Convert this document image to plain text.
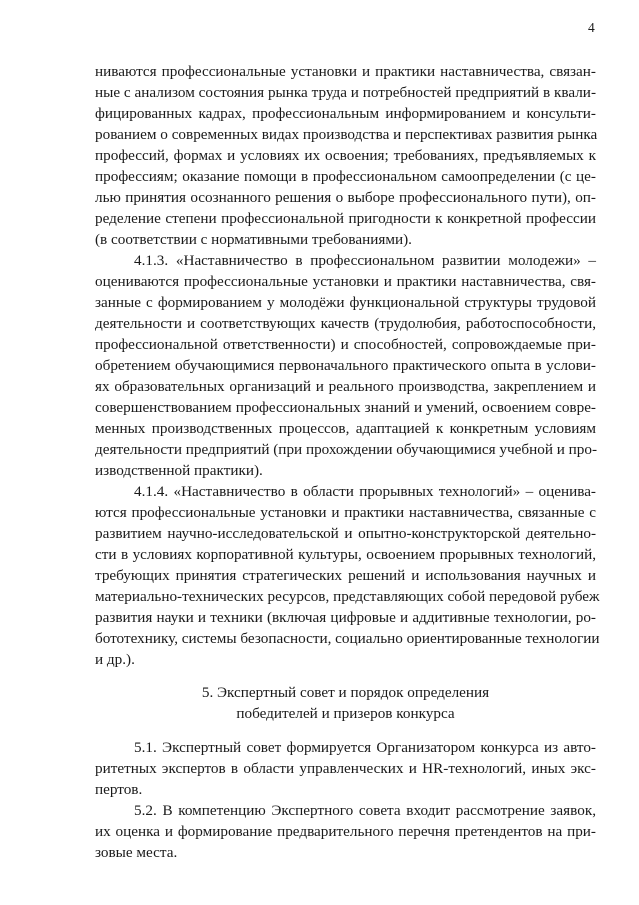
4
ниваются профессиональные установки и практики наставничества, связан-
ные с анализом состояния рынка труда и потребностей предприятий в квали-
фицированных кадрах, профессиональным информированием и консульти-
рованием о современных видах производства и перспективах развития рынка
профессий, формах и условиях их освоения; требованиях, предъявляемых к
профессиям; оказание помощи в профессиональном самоопределении (с це-
лью принятия осознанного решения о выборе профессионального пути), оп-
ределение степени профессиональной пригодности к конкретной профессии
(в соответствии с нормативными требованиями).
4.1.3. «Наставничество в профессиональном развитии молодежи» –
оцениваются профессиональные установки и практики наставничества, свя-
занные с формированием у молодёжи функциональной структуры трудовой
деятельности и соответствующих качеств (трудолюбия, работоспособности,
профессиональной ответственности) и способностей, сопровождаемые при-
обретением обучающимися первоначального практического опыта в услови-
ях образовательных организаций и реального производства, закреплением и
совершенствованием профессиональных знаний и умений, освоением совре-
менных производственных процессов, адаптацией к конкретным условиям
деятельности предприятий (при прохождении обучающимися учебной и про-
изводственной практики).
4.1.4. «Наставничество в области прорывных технологий» – оценива-
ются профессиональные установки и практики наставничества, связанные с
развитием научно-исследовательской и опытно-конструкторской деятельно-
сти в условиях корпоративной культуры, освоением прорывных технологий,
требующих принятия стратегических решений и использования научных и
материально-технических ресурсов, представляющих собой передовой рубеж
развития науки и техники (включая цифровые и аддитивные технологии, ро-
бототехнику, системы безопасности, социально ориентированные технологии
и др.).
5. Экспертный совет и порядок определения
победителей и призеров конкурса
5.1. Экспертный совет формируется Организатором конкурса из авто-
ритетных экспертов в области управленческих и HR-технологий, иных экс-
пертов.
5.2. В компетенцию Экспертного совета входит рассмотрение заявок,
их оценка и формирование предварительного перечня претендентов на при-
зовые места.
